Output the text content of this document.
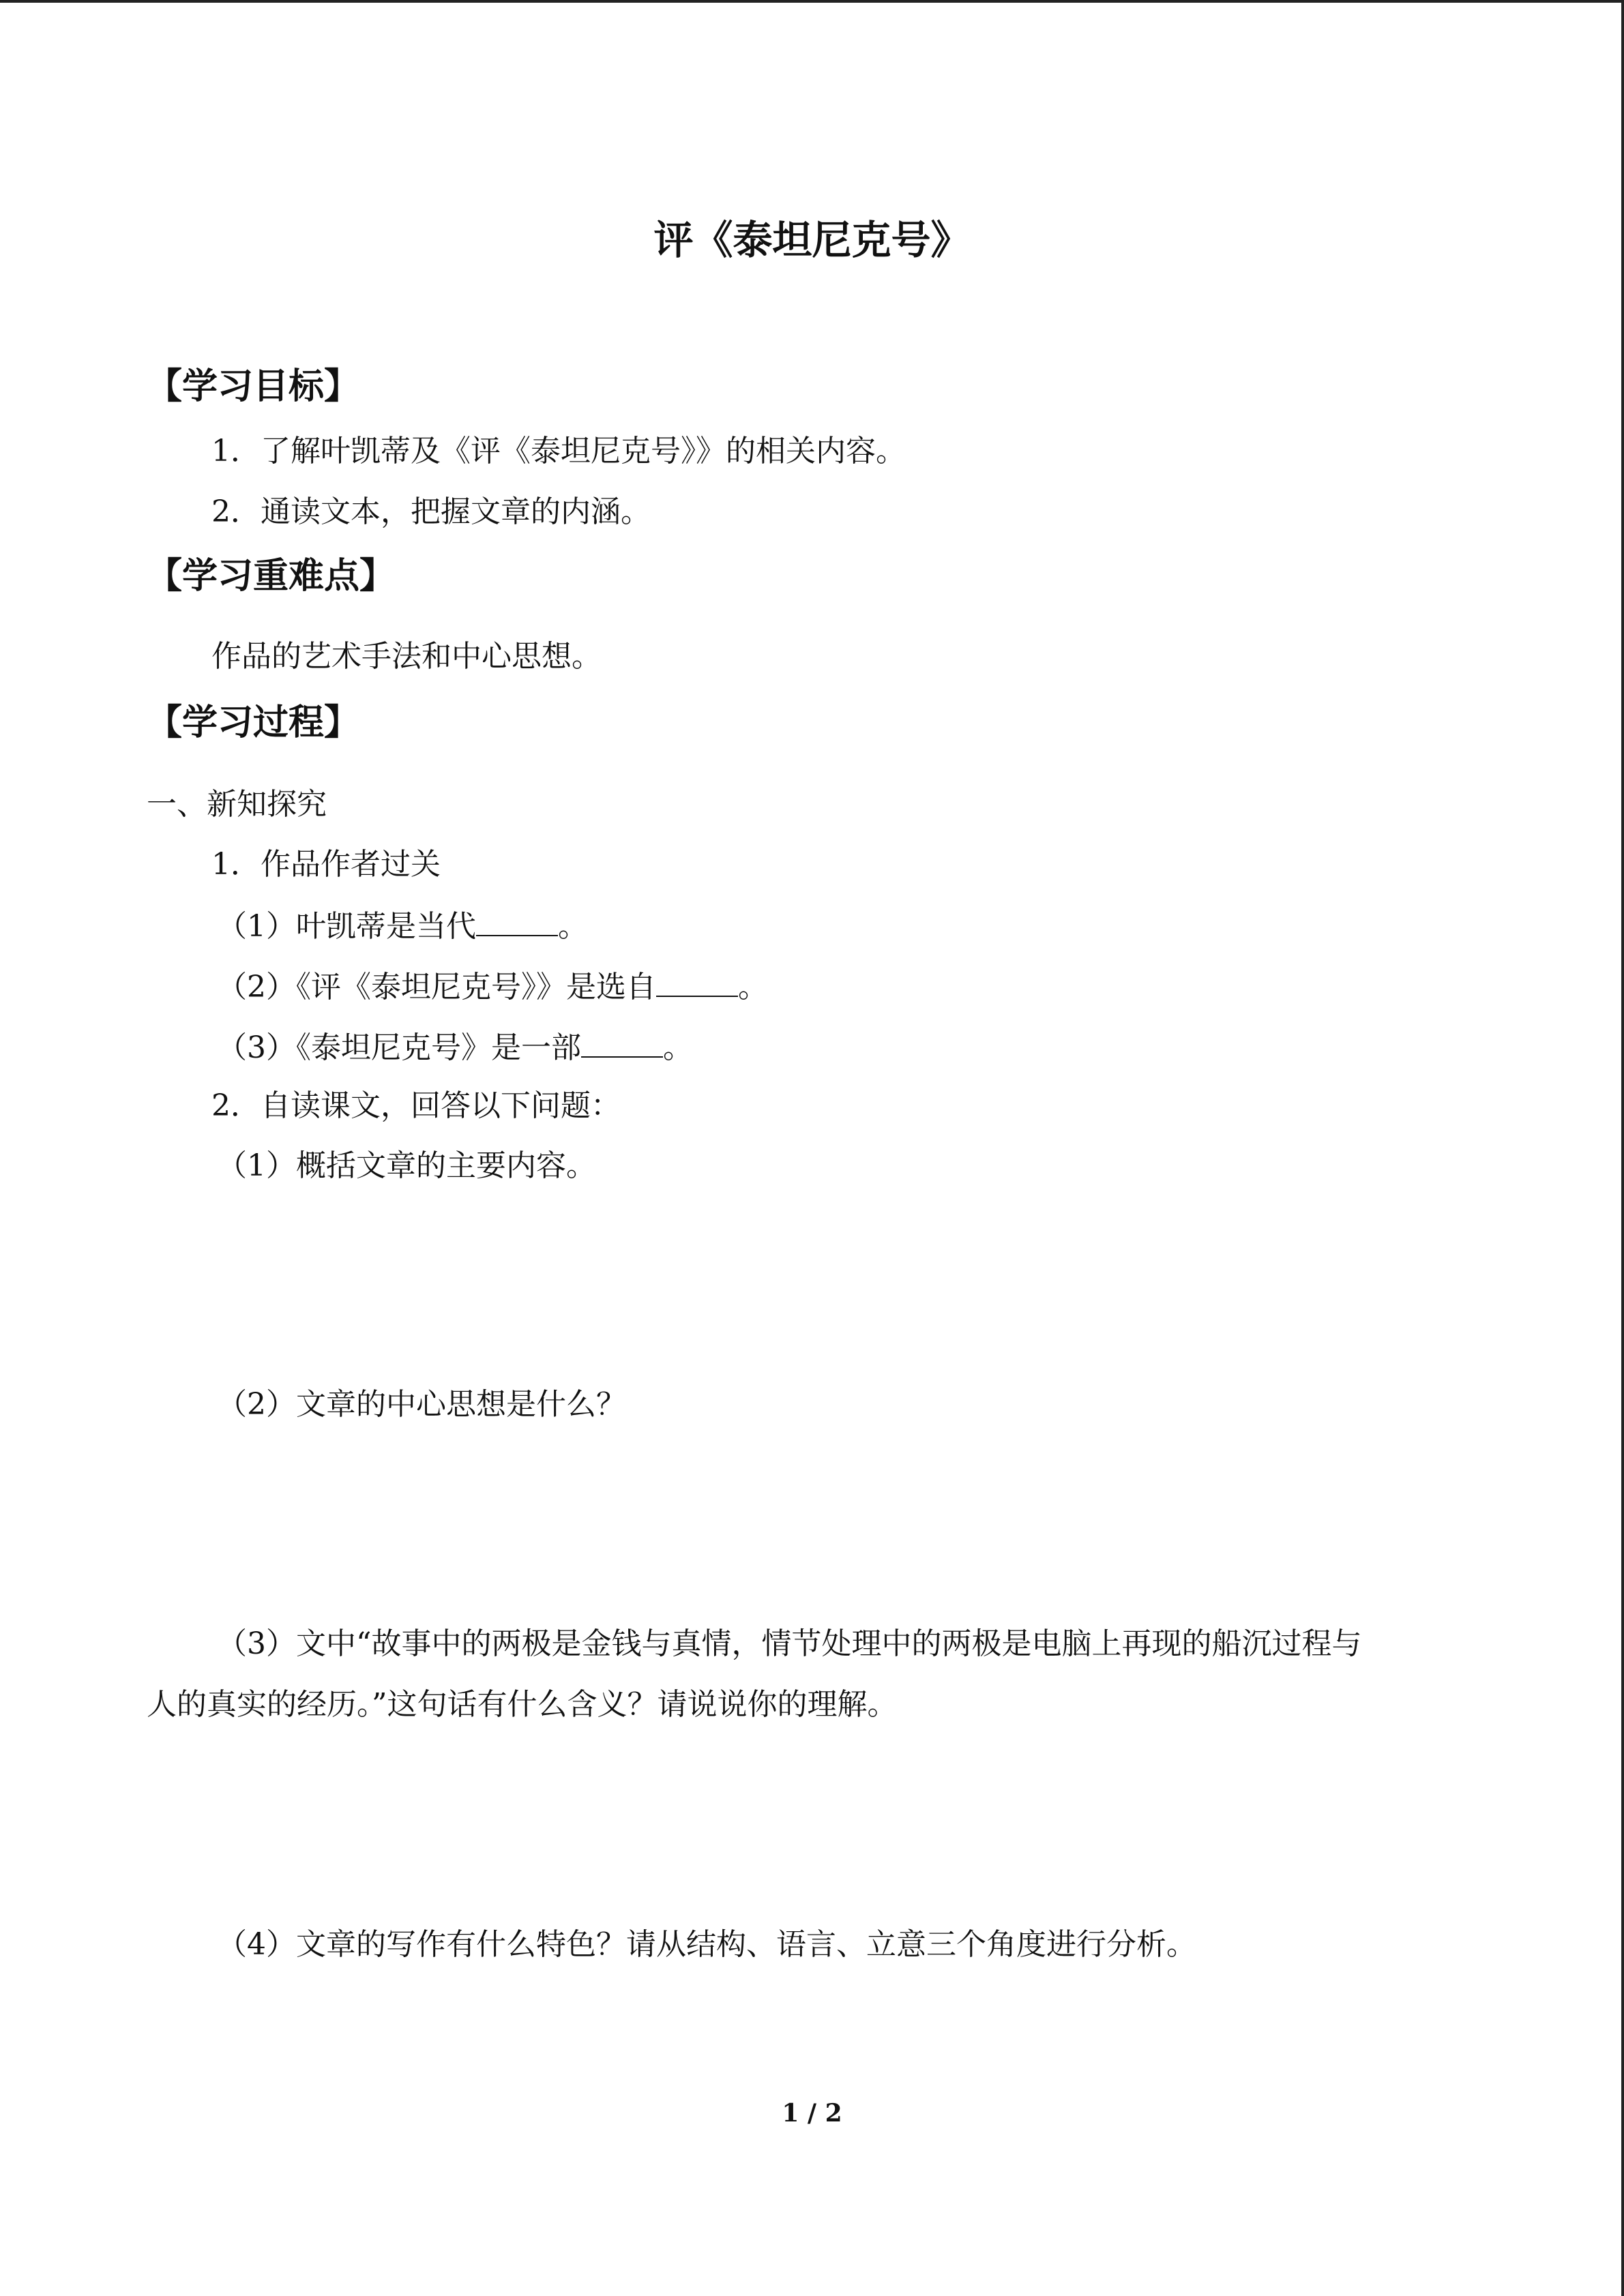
评《泰坦尼克号》
【学习目标】
1．了解叶凯蒂及《评《泰坦尼克号》》的相关内容。
2．通读文本，把握文章的内涵。
【学习重难点】
作品的艺术手法和中心思想。
【学习过程】
一、新知探究
1．作品作者过关
（1）叶凯蒂是当代	。
（2）《评《泰坦尼克号》》是选自	。
（3）《泰坦尼克号》是一部	。
2．自读课文，回答以下问题：
（1）概括文章的主要内容。
（2）文章的中心思想是什么？
（3）文中“故事中的两极是金钱与真情，情节处理中的两极是电脑上再现的船沉过程与
人的真实的经历。”这句话有什么含义？请说说你的理解。
（4）文章的写作有什么特色？请从结构、语言、立意三个角度进行分析。
1 / 2
